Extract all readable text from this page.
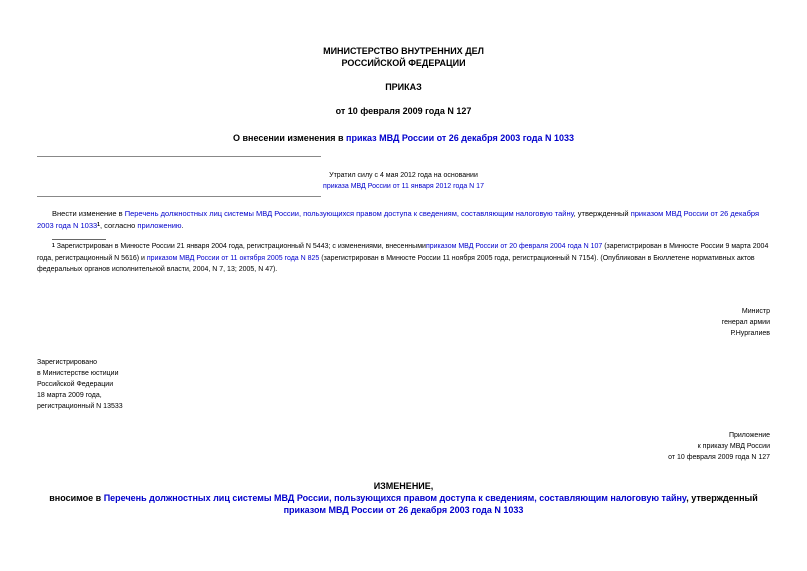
МИНИСТЕРСТВО ВНУТРЕННИХ ДЕЛ
РОССИЙСКОЙ ФЕДЕРАЦИИ
ПРИКАЗ
от 10 февраля 2009 года N 127
О внесении изменения в приказ МВД России от 26 декабря 2003 года N 1033
Утратил силу с 4 мая 2012 года на основании
приказа МВД России от 11 января 2012 года N 17
Внести изменение в Перечень должностных лиц системы МВД России, пользующихся правом доступа к сведениям, составляющим налоговую тайну, утвержденный приказом МВД России от 26 декабря 2003 года N 1033$^1$, согласно приложению.
$^1$ Зарегистрирован в Минюсте России 21 января 2004 года, регистрационный N 5443; с изменениями, внесеннымиприказом МВД России от 20 февраля 2004 года N 107 (зарегистрирован в Минюсте России 9 марта 2004 года, регистрационный N 5616) и приказом МВД России от 11 октября 2005 года N 825 (зарегистрирован в Минюсте России 11 ноября 2005 года, регистрационный N 7154). (Опубликован в Бюллетене нормативных актов федеральных органов исполнительной власти, 2004, N 7, 13; 2005, N 47).
Министр
генерал армии
Р.Нургалиев
Зарегистрировано
в Министерстве юстиции
Российской Федерации
18 марта 2009 года,
регистрационный N 13533
Приложение
к приказу МВД России
от 10 февраля 2009 года N 127
ИЗМЕНЕНИЕ,
вносимое в Перечень должностных лиц системы МВД России, пользующихся правом доступа к сведениям, составляющим налоговую тайну, утвержденный
приказом МВД России от 26 декабря 2003 года N 1033
